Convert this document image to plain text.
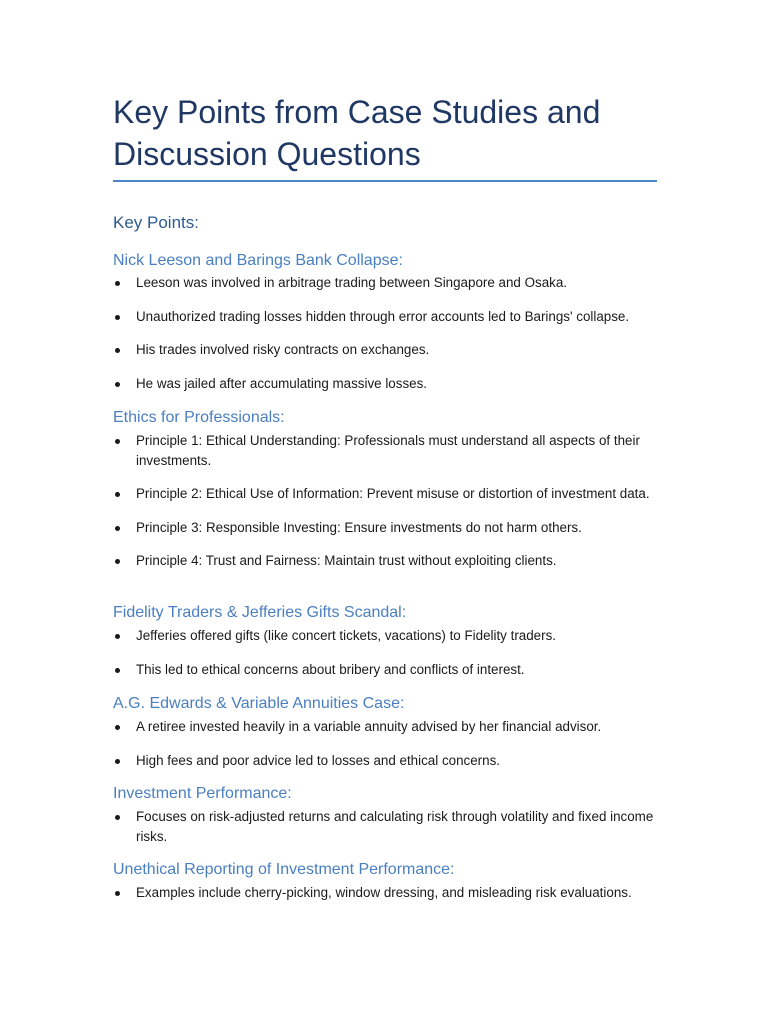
Key Points from Case Studies and Discussion Questions
Key Points:
Nick Leeson and Barings Bank Collapse:
Leeson was involved in arbitrage trading between Singapore and Osaka.
Unauthorized trading losses hidden through error accounts led to Barings' collapse.
His trades involved risky contracts on exchanges.
He was jailed after accumulating massive losses.
Ethics for Professionals:
Principle 1: Ethical Understanding: Professionals must understand all aspects of their investments.
Principle 2: Ethical Use of Information: Prevent misuse or distortion of investment data.
Principle 3: Responsible Investing: Ensure investments do not harm others.
Principle 4: Trust and Fairness: Maintain trust without exploiting clients.
Fidelity Traders & Jefferies Gifts Scandal:
Jefferies offered gifts (like concert tickets, vacations) to Fidelity traders.
This led to ethical concerns about bribery and conflicts of interest.
A.G. Edwards & Variable Annuities Case:
A retiree invested heavily in a variable annuity advised by her financial advisor.
High fees and poor advice led to losses and ethical concerns.
Investment Performance:
Focuses on risk-adjusted returns and calculating risk through volatility and fixed income risks.
Unethical Reporting of Investment Performance:
Examples include cherry-picking, window dressing, and misleading risk evaluations.
